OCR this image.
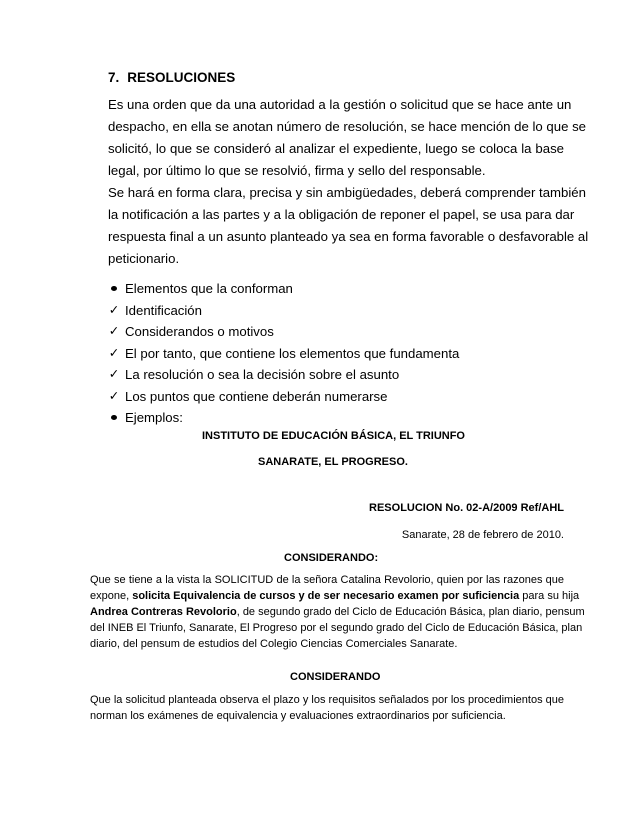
7. RESOLUCIONES

Es una orden que da una autoridad a la gestión o solicitud que se hace ante un
despacho, en ella se anotan número de resolución, se hace mención de lo que se
solicitó, lo que se consideró al analizar el expediente, luego se coloca la base
legal, por último lo que se resolvió, firma y sello del responsable.

Se hará en forma clara, precisa y sin ambigüedades, deberá comprender también
la notificación a las partes y a la obligación de reponer el papel, se usa para dar
respuesta final a un asunto planteado ya sea en forma favorable o desfavorable al
peticionario.

Elementos que la conforman
✓ Identificación
✓ Considerandos o motivos
✓ El por tanto, que contiene los elementos que fundamenta
✓ La resolución o sea la decisión sobre el asunto
✓ Los puntos que contiene deberán numerarse
Ejemplos:
INSTITUTO DE EDUCACIÓN BÁSICA, EL TRIUNFO
SANARATE, EL PROGRESO.
RESOLUCION No. 02-A/2009 Ref/AHL
Sanarate, 28 de febrero de 2010.
CONSIDERANDO:

Que se tiene a la vista la SOLICITUD de la señora Catalina Revolorio, quien por las razones que
expone, solicita Equivalencia de cursos y de ser necesario examen por suficiencia para su hija
Andrea Contreras Revolorio, de segundo grado del Ciclo de Educación Básica, plan diario, pensum
del INEB El Triunfo, Sanarate, El Progreso por el segundo grado del Ciclo de Educación Básica, plan
diario, del pensum de estudios del Colegio Ciencias Comerciales Sanarate.

CONSIDERANDO

Que la solicitud planteada observa el plazo y los requisitos señalados por los procedimientos que
norman los exámenes de equivalencia y evaluaciones extraordinarios por suficiencia.
